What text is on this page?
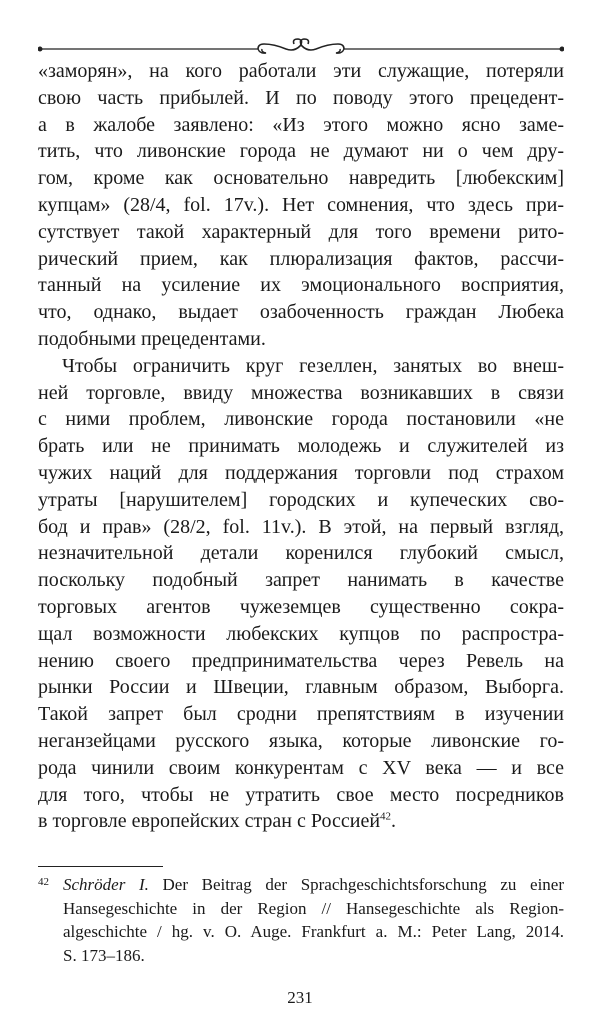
«заморян», на кого работали эти служащие, потеряли
свою часть прибылей. И по поводу этого прецедент-
а в жалобе заявлено: «Из этого можно ясно заме-
тить, что ливонские города не думают ни о чем дру-
гом, кроме как основательно навредить [любекским]
купцам» (28/4, fol. 17v.). Нет сомнения, что здесь при-
сутствует такой характерный для того времени рито-
рический прием, как плюрализация фактов, рассчи-
танный на усиление их эмоционального восприятия,
что, однако, выдает озабоченность граждан Любека
подобными прецедентами.
Чтобы ограничить круг гезеллен, занятых во внеш-
ней торговле, ввиду множества возникавших в связи
с ними проблем, ливонские города постановили «не
брать или не принимать молодежь и служителей из
чужих наций для поддержания торговли под страхом
утраты [нарушителем] городских и купеческих сво-
бод и прав» (28/2, fol. 11v.). В этой, на первый взгляд,
незначительной детали коренился глубокий смысл,
поскольку подобный запрет нанимать в качестве
торговых агентов чужеземцев существенно сокра-
щал возможности любекских купцов по распростра-
нению своего предпринимательства через Ревель на
рынки России и Швеции, главным образом, Выборга.
Такой запрет был сродни препятствиям в изучении
неганзейцами русского языка, которые ливонские го-
рода чинили своим конкурентам с XV века — и все
для того, чтобы не утратить свое место посредников
в торговле европейских стран с Россией$^{42}$.
42 Schröder I. Der Beitrag der Sprachgeschichtsforschung zu einer
Hansegeschichte in der Region // Hansegeschichte als Region-
algeschichte / hg. v. O. Auge. Frankfurt a. M.: Peter Lang, 2014.
S. 173–186.
231
